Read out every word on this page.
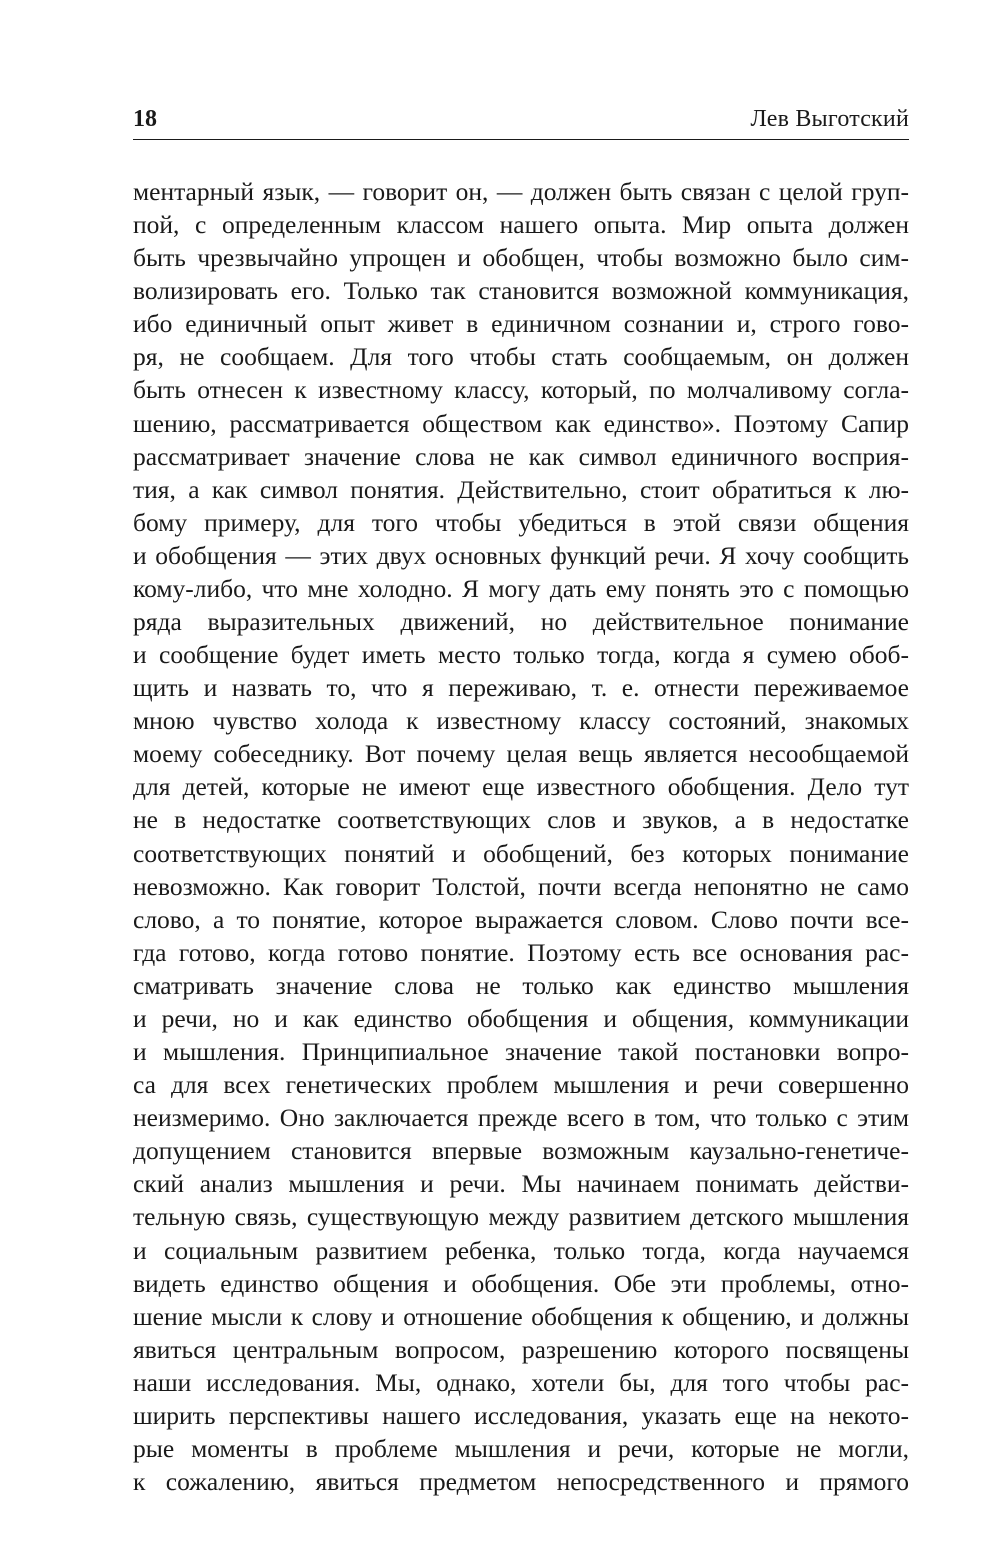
18	Лев Выготский
ментарный язык, — говорит он, — должен быть связан с целой груп-
пой, с определенным классом нашего опыта. Мир опыта должен
быть чрезвычайно упрощен и обобщен, чтобы возможно было сим-
волизировать его. Только так становится возможной коммуникация,
ибо единичный опыт живет в единичном сознании и, строго гово-
ря, не сообщаем. Для того чтобы стать сообщаемым, он должен
быть отнесен к известному классу, который, по молчаливому согла-
шению, рассматривается обществом как единство». Поэтому Сапир
рассматривает значение слова не как символ единичного восприя-
тия, а как символ понятия. Действительно, стоит обратиться к лю-
бому примеру, для того чтобы убедиться в этой связи общения
и обобщения — этих двух основных функций речи. Я хочу сообщить
кому-либо, что мне холодно. Я могу дать ему понять это с помощью
ряда выразительных движений, но действительное понимание
и сообщение будет иметь место только тогда, когда я сумею обоб-
щить и назвать то, что я переживаю, т. е. отнести переживаемое
мною чувство холода к известному классу состояний, знакомых
моему собеседнику. Вот почему целая вещь является несообщаемой
для детей, которые не имеют еще известного обобщения. Дело тут
не в недостатке соответствующих слов и звуков, а в недостатке
соответствующих понятий и обобщений, без которых понимание
невозможно. Как говорит Толстой, почти всегда непонятно не само
слово, а то понятие, которое выражается словом. Слово почти все-
гда готово, когда готово понятие. Поэтому есть все основания рас-
сматривать значение слова не только как единство мышления
и речи, но и как единство обобщения и общения, коммуникации
и мышления. Принципиальное значение такой постановки вопро-
са для всех генетических проблем мышления и речи совершенно
неизмеримо. Оно заключается прежде всего в том, что только с этим
допущением становится впервые возможным каузально-генетиче-
ский анализ мышления и речи. Мы начинаем понимать действи-
тельную связь, существующую между развитием детского мышления
и социальным развитием ребенка, только тогда, когда научаемся
видеть единство общения и обобщения. Обе эти проблемы, отно-
шение мысли к слову и отношение обобщения к общению, и должны
явиться центральным вопросом, разрешению которого посвящены
наши исследования. Мы, однако, хотели бы, для того чтобы рас-
ширить перспективы нашего исследования, указать еще на некото-
рые моменты в проблеме мышления и речи, которые не могли,
к сожалению, явиться предметом непосредственного и прямого
